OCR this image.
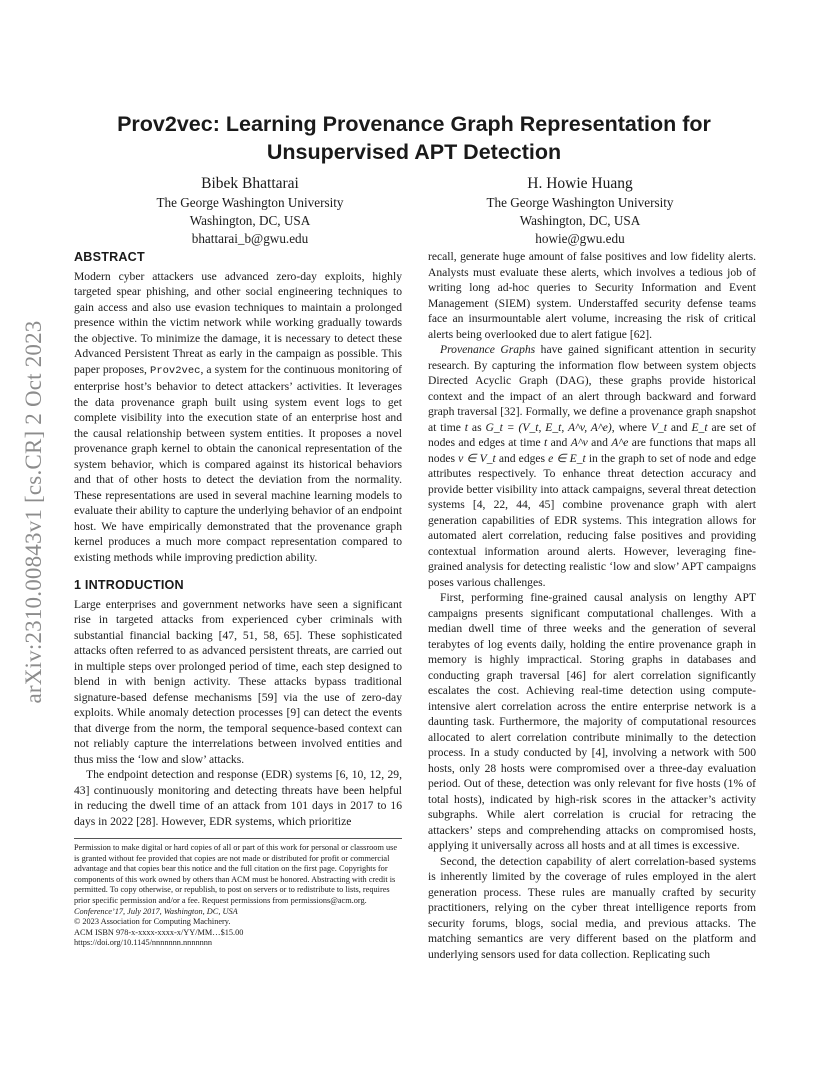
arXiv:2310.00843v1 [cs.CR] 2 Oct 2023
Prov2vec: Learning Provenance Graph Representation for Unsupervised APT Detection
Bibek Bhattarai
The George Washington University
Washington, DC, USA
bhattarai_b@gwu.edu
H. Howie Huang
The George Washington University
Washington, DC, USA
howie@gwu.edu
ABSTRACT

Modern cyber attackers use advanced zero-day exploits, highly targeted spear phishing, and other social engineering techniques to gain access and also use evasion techniques to maintain a prolonged presence within the victim network while working gradually towards the objective. To minimize the damage, it is necessary to detect these Advanced Persistent Threat as early in the campaign as possible. This paper proposes, Prov2vec, a system for the continuous monitoring of enterprise host’s behavior to detect attackers’ activities. It leverages the data provenance graph built using system event logs to get complete visibility into the execution state of an enterprise host and the causal relationship between system entities. It proposes a novel provenance graph kernel to obtain the canonical representation of the system behavior, which is compared against its historical behaviors and that of other hosts to detect the deviation from the normality. These representations are used in several machine learning models to evaluate their ability to capture the underlying behavior of an endpoint host. We have empirically demonstrated that the provenance graph kernel produces a much more compact representation compared to existing methods while improving prediction ability.

1 INTRODUCTION

Large enterprises and government networks have seen a significant rise in targeted attacks from experienced cyber criminals with substantial financial backing [47, 51, 58, 65]. These sophisticated attacks often referred to as advanced persistent threats, are carried out in multiple steps over prolonged period of time, each step designed to blend in with benign activity. These attacks bypass traditional signature-based defense mechanisms [59] via the use of zero-day exploits. While anomaly detection processes [9] can detect the events that diverge from the norm, the temporal sequence-based context can not reliably capture the interrelations between involved entities and thus miss the ‘low and slow’ attacks.

The endpoint detection and response (EDR) systems [6, 10, 12, 29, 43] continuously monitoring and detecting threats have been helpful in reducing the dwell time of an attack from 101 days in 2017 to 16 days in 2022 [28]. However, EDR systems, which prioritize

Permission to make digital or hard copies of all or part of this work for personal or classroom use is granted without fee provided that copies are not made or distributed for profit or commercial advantage and that copies bear this notice and the full citation on the first page. Copyrights for components of this work owned by others than ACM must be honored. Abstracting with credit is permitted. To copy otherwise, or republish, to post on servers or to redistribute to lists, requires prior specific permission and/or a fee. Request permissions from permissions@acm.org.

Conference’17, July 2017, Washington, DC, USA

© 2023 Association for Computing Machinery.

ACM ISBN 978-x-xxxx-xxxx-x/YY/MM…$15.00

https://doi.org/10.1145/nnnnnnn.nnnnnnn

recall, generate huge amount of false positives and low fidelity alerts. Analysts must evaluate these alerts, which involves a tedious job of writing long ad-hoc queries to Security Information and Event Management (SIEM) system. Understaffed security defense teams face an insurmountable alert volume, increasing the risk of critical alerts being overlooked due to alert fatigue [62].

Provenance Graphs have gained significant attention in security research. By capturing the information flow between system objects Directed Acyclic Graph (DAG), these graphs provide historical context and the impact of an alert through backward and forward graph traversal [32]. Formally, we define a provenance graph snapshot at time t as G_t = (V_t, E_t, A^v, A^e), where V_t and E_t are set of nodes and edges at time t and A^v and A^e are functions that maps all nodes v ∈ V_t and edges e ∈ E_t in the graph to set of node and edge attributes respectively. To enhance threat detection accuracy and provide better visibility into attack campaigns, several threat detection systems [4, 22, 44, 45] combine provenance graph with alert generation capabilities of EDR systems. This integration allows for automated alert correlation, reducing false positives and providing contextual information around alerts. However, leveraging fine-grained analysis for detecting realistic ‘low and slow’ APT campaigns poses various challenges.

First, performing fine-grained causal analysis on lengthy APT campaigns presents significant computational challenges. With a median dwell time of three weeks and the generation of several terabytes of log events daily, holding the entire provenance graph in memory is highly impractical. Storing graphs in databases and conducting graph traversal [46] for alert correlation significantly escalates the cost. Achieving real-time detection using compute-intensive alert correlation across the entire enterprise network is a daunting task. Furthermore, the majority of computational resources allocated to alert correlation contribute minimally to the detection process. In a study conducted by [4], involving a network with 500 hosts, only 28 hosts were compromised over a three-day evaluation period. Out of these, detection was only relevant for five hosts (1% of total hosts), indicated by high-risk scores in the attacker’s activity subgraphs. While alert correlation is crucial for retracing the attackers’ steps and comprehending attacks on compromised hosts, applying it universally across all hosts and at all times is excessive.

Second, the detection capability of alert correlation-based systems is inherently limited by the coverage of rules employed in the alert generation process. These rules are manually crafted by security practitioners, relying on the cyber threat intelligence reports from security forums, blogs, social media, and previous attacks. The matching semantics are very different based on the platform and underlying sensors used for data collection. Replicating such
